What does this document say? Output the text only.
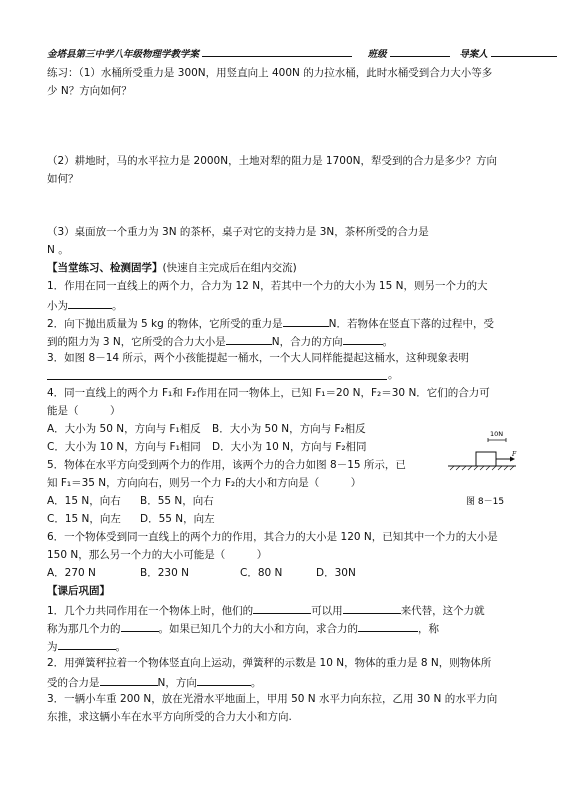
金塔县第三中学八年级物理学教学案	班级	导案人
练习：（1）水桶所受重力是 300N，用竖直向上 400N 的力拉水桶，此时水桶受到合力大小等多
少 N？方向如何？
（2）耕地时，马的水平拉力是 2000N，土地对犁的阻力是 1700N，犁受到的合力是多少？方向
如何？
（3）桌面放一个重力为 3N 的茶杯，桌子对它的支持力是 3N，茶杯所受的合力是
N 。
【当堂练习、检测固学】(快速自主完成后在组内交流)
1．作用在同一直线上的两个力，合力为 12 N，若其中一个力的大小为 15 N，则另一个力的大
小为	。
2．向下抛出质量为 5 kg 的物体，它所受的重力是	N．若物体在竖直下落的过程中，受
到的阻力为 3 N，它所受的合力大小是	N，合力的方向	。
3．如图 8－14 所示，两个小孩能提起一桶水，一个大人同样能提起这桶水，这种现象表明
。
4．同一直线上的两个力 F₁和 F₂作用在同一物体上，已知 F₁＝20 N，F₂＝30 N．它们的合力可
能是（　　　）
A．大小为 50 N，方向与 F₁相反 B．大小为 50 N，方向与 F₂相反
C．大小为 10 N，方向与 F₁相同 D．大小为 10 N，方向与 F₂相同
5．物体在水平方向受到两个力的作用，该两个力的合力如图 8－15 所示，已
知 F₁＝35 N，方向向右，则另一个力 F₂的大小和方向是（　　　）
A．15 N，向右 B．55 N，向右
C．15 N，向左 D．55 N，向左
10N
F
图 8－15
6．一个物体受到同一直线上的两个力的作用，其合力的大小是 120 N，已知其中一个力的大小是
150 N，那么另一个力的大小可能是（　　　）
A．270 N	B．230 N	C．80 N	D．30N
【课后巩固】
1．几个力共同作用在一个物体上时，他们的	可以用	来代替，这个力就
称为那几个力的	。如果已知几个力的大小和方向，求合力的	，称
为	。
2．用弹簧秤拉着一个物体竖直向上运动，弹簧秤的示数是 10 N，物体的重力是 8 N，则物体所
受的合力是	N，方向	。
3．一辆小车重 200 N，放在光滑水平地面上，甲用 50 N 水平力向东拉，乙用 30 N 的水平力向
东推，求这辆小车在水平方向所受的合力大小和方向.
